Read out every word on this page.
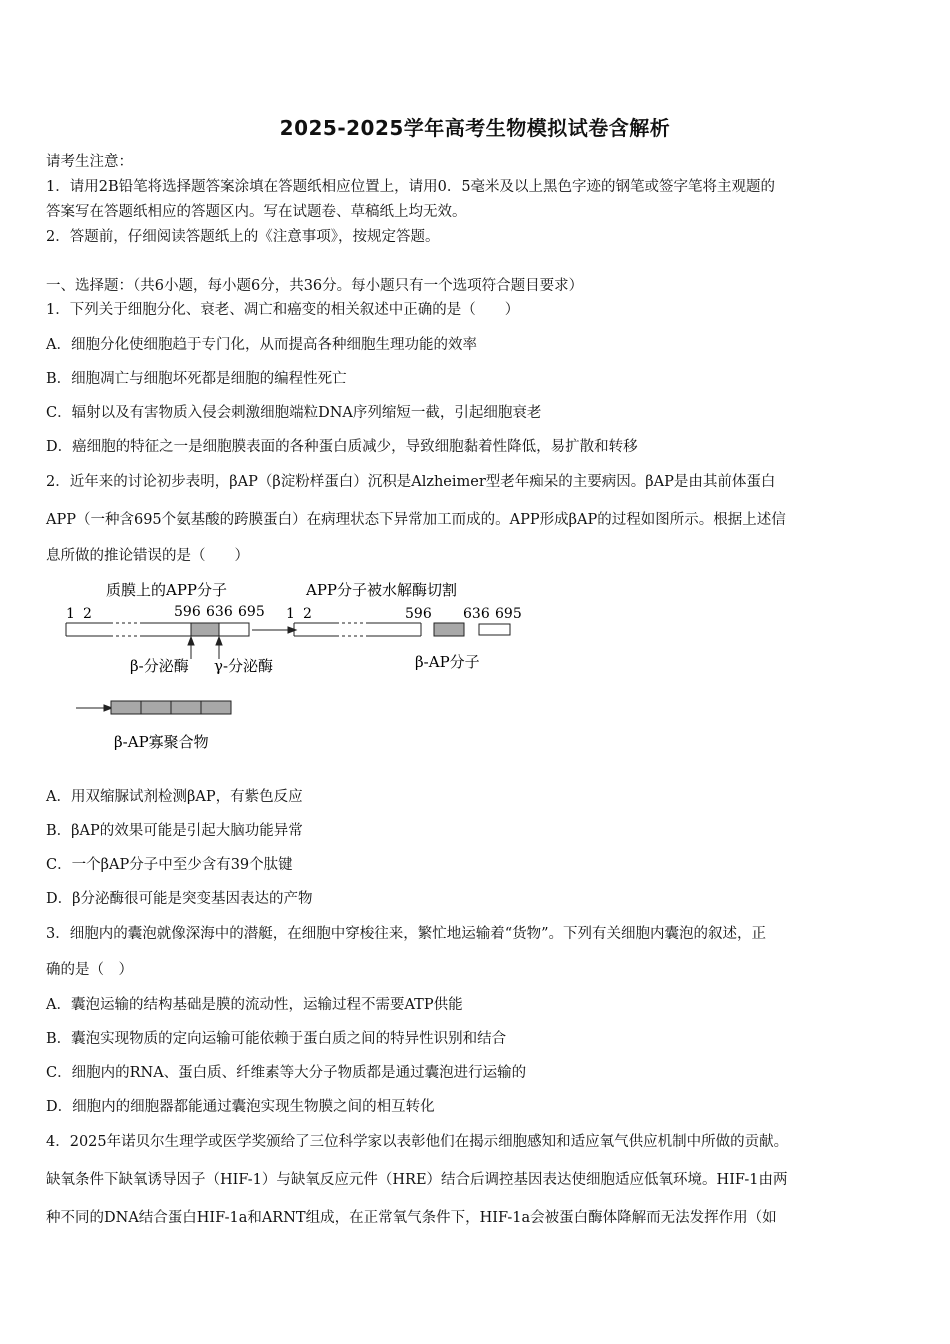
2025-2025学年高考生物模拟试卷含解析
请考生注意：
1．请用2B铅笔将选择题答案涂填在答题纸相应位置上，请用0．5毫米及以上黑色字迹的钢笔或签字笔将主观题的
答案写在答题纸相应的答题区内。写在试题卷、草稿纸上均无效。
2．答题前，仔细阅读答题纸上的《注意事项》，按规定答题。
一、选择题：（共6小题，每小题6分，共36分。每小题只有一个选项符合题目要求）
1．下列关于细胞分化、衰老、凋亡和癌变的相关叙述中正确的是（　　）
A．细胞分化使细胞趋于专门化，从而提高各种细胞生理功能的效率
B．细胞凋亡与细胞坏死都是细胞的编程性死亡
C．辐射以及有害物质入侵会刺激细胞端粒DNA序列缩短一截，引起细胞衰老
D．癌细胞的特征之一是细胞膜表面的各种蛋白质减少，导致细胞黏着性降低，易扩散和转移
2．近年来的讨论初步表明，βAP（β淀粉样蛋白）沉积是Alzheimer型老年痴呆的主要病因。βAP是由其前体蛋白
APP（一种含695个氨基酸的跨膜蛋白）在病理状态下异常加工而成的。APP形成βAP的过程如图所示。根据上述信
息所做的推论错误的是（　　）
质膜上的APP分子	APP分子被水解酶切割
1 2	596 636 695 1 2	596 636 695
β-分泌酶 γ-分泌酶	β-AP分子
β-AP寡聚合物
A．用双缩脲试剂检测βAP，有紫色反应
B．βAP的效果可能是引起大脑功能异常
C．一个βAP分子中至少含有39个肽键
D．β分泌酶很可能是突变基因表达的产物
3．细胞内的囊泡就像深海中的潜艇，在细胞中穿梭往来，繁忙地运输着“货物”。下列有关细胞内囊泡的叙述，正
确的是（　）
A．囊泡运输的结构基础是膜的流动性，运输过程不需要ATP供能
B．囊泡实现物质的定向运输可能依赖于蛋白质之间的特异性识别和结合
C．细胞内的RNA、蛋白质、纤维素等大分子物质都是通过囊泡进行运输的
D．细胞内的细胞器都能通过囊泡实现生物膜之间的相互转化
4．2025年诺贝尔生理学或医学奖颁给了三位科学家以表彰他们在揭示细胞感知和适应氧气供应机制中所做的贡献。
缺氧条件下缺氧诱导因子（HIF-1）与缺氧反应元件（HRE）结合后调控基因表达使细胞适应低氧环境。HIF-1由两
种不同的DNA结合蛋白HIF-1a和ARNT组成，在正常氧气条件下，HIF-1a会被蛋白酶体降解而无法发挥作用（如
